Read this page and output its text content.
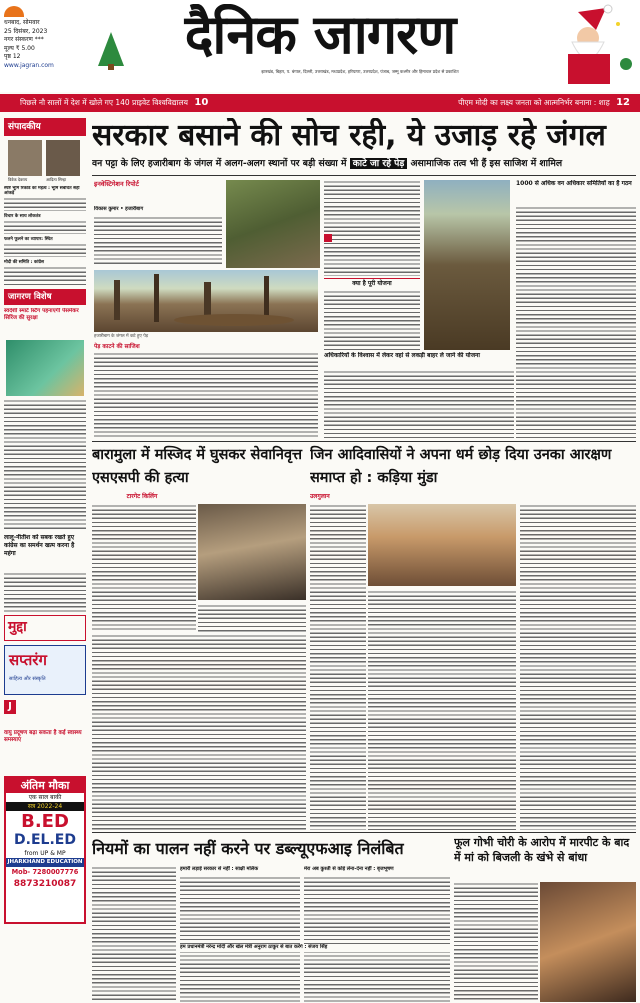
धनबाद, सोमवार
25 दिसंबर, 2023
नगर संस्करण ***
मूल्य ₹ 5.00
पृष्ठ 12
www.jagran.com	दैनिक जागरण
झारखंड, बिहार, प. बंगाल, दिल्ली, उत्तराखंड, मध्यप्रदेश, हरियाणा, उत्तरप्रदेश, पंजाब, जम्मू कश्मीर और हिमाचल प्रदेश से प्रकाशित
पिछले नौ सालों में देश में खोले गए 140 प्राइवेट विश्वविद्यालय 10	पीएम मोदी का लक्ष्य जनता को आत्मनिर्भर बनाना : शाह 12
संपादकीय
विवेक देवराय	आदित्य सिन्हा
स्पष्ट भूमि रिकॉर्ड का महत्व : भूमि संबंधित सही आंकड़े
विचार के साथ लोकतंत्र
फलने फूलने का व्यापार: स्थित
मोदी की समिति : कांग्रेस
जागरण विशेष
स्वदेशी स्मार्ट स्टिंग पहनाएगी पेसमेकर सिरिंज की सुरक्षा
लालू-नीतीश को सबक रखते हुए कांग्रेस का समर्थन खत्म करना है महंगा
मुद्दा
सप्तरंग
साहित्य और संस्कृति
J
वायु प्रदूषण बढ़ा सकता है कई स्वास्थ्य समस्याएं
अंतिम मौका
एक साल बाकी
सत्र 2022-24
B.ED
D.EL.ED
from UP & MP
JHARKHAND EDUCATION
Mob- 7280007776
8873210087
सरकार बसाने की सोच रही, ये उजाड़ रहे जंगल
वन पट्टा के लिए हजारीबाग के जंगल में अलग-अलग स्थानों पर बड़ी संख्या में काटे जा रहे पेड़ असामाजिक तत्व भी हैं इस साजिश में शामिल
इनवेस्टिगेशन रिपोर्ट
विकास कुमार • हजारीबाग
हजारीबाग के जंगल में कटे हुए पेड़
पेड़ काटने की साजिश
क्या है पूरी योजना
1000 से अधिक वन अधिकार समितियों का है गठन
अधिकारियों के विश्वास में लेकर वहां से लकड़ी बाहर ले जाने की योजना
बारामुला में मस्जिद में घुसकर सेवानिवृत्त एसएसपी की हत्या
टारगेट किलिंग
जिन आदिवासियों ने अपना धर्म छोड़ दिया उनका आरक्षण समाप्त हो : कड़िया मुंडा
उलगुलान
नियमों का पालन नहीं करने पर डब्ल्यूएफआइ निलंबित
हमारी लड़ाई सरकार से नहीं : साक्षी मलिक	मेरा अब कुश्ती से कोई लेना-देना नहीं : बृजभूषण
हम प्रधानमंत्री नरेन्द्र मोदी और खेल मंत्री अनुराग ठाकुर से बात करेंगे : संजय सिंह
फूल गोभी चोरी के आरोप में मारपीट के बाद में मां को बिजली के खंभे से बांधा
